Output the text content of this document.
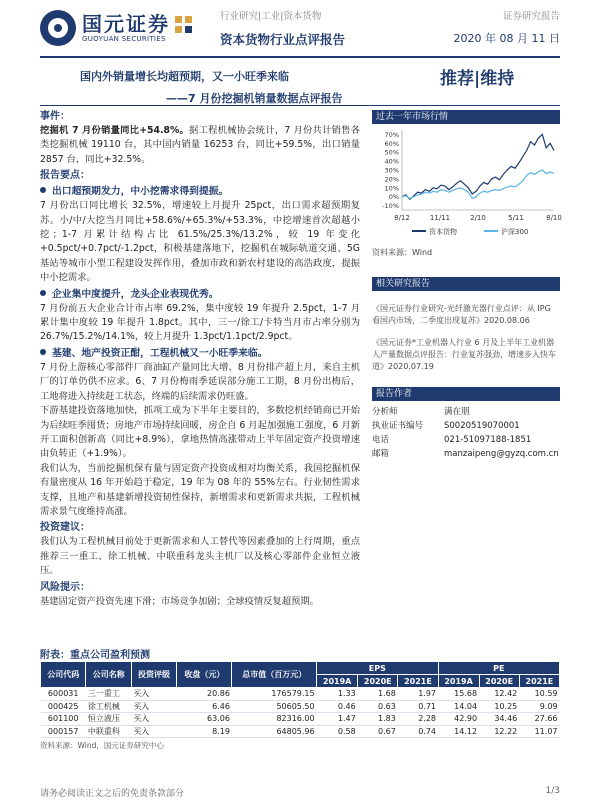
国元证券
GUOYUAN SECURITIES
行业研究|工业|资本货物
资本货物行业点评报告
证券研究报告
2020 年 08 月 11 日
国内外销量增长均超预期，又一小旺季来临
——7 月份挖掘机销量数据点评报告
推荐|维持
事件：
挖掘机 7 月份销量同比+54.8%。据工程机械协会统计，7 月份共计销售各类挖掘机械 19110 台，其中国内销量 16253 台，同比+59.5%，出口销量 2857 台，同比+32.5%。
报告要点：
出口超预期发力，中小挖需求得到提振。
7 月份出口同比增长 32.5%，增速较上月提升 25pct，出口需求超预期复苏。小/中/大挖当月同比+58.6%/+65.3%/+53.3%，中挖增速首次超越小挖；1-7 月累计结构占比 61.5%/25.3%/13.2%，较 19 年变化+0.5pct/+0.7pct/-1.2pct，积极基建落地下，挖掘机在城际轨道交通、5G 基站等城市小型工程建设发挥作用，叠加市政和新农村建设的高浩政度，提振中小挖需求。
企业集中度提升，龙头企业表现优秀。
7 月份前五大企业合计市占率 69.2%，集中度较 19 年提升 2.5pct，1-7 月累计集中度较 19 年提升 1.8pct。其中，三一/徐工/卡特当月市占率分别为 26.7%/15.2%/14.1%，较上月提升 1.3pct/1.1pct/2.9pct。
基建、地产投资正酣，工程机械又一小旺季来临。
7 月份上游核心零部件厂商油缸产量同比大增、8 月份排产超上月，来自主机厂的订单仍供不应求。6、7 月份梅雨季延误部分施工工期，8 月份出梅后，工地将进入持续赶工状态，终端的后续需求仍旺盛。
下游基建投资落地加快，抓项工成为下半年主要目的，多数挖机经销商已开始为后续旺季囤货；房地产市场持续回暖，房企自 6 月起加强施工强度，6 月新开工面积创新高（同比+8.9%），拿地热情高涨带动上半年固定资产投资增速由负转正（+1.9%）。
我们认为，当前挖掘机保有量与固定资产投资成相对均衡关系，我国挖掘机保有量密度从 16 年开始趋于稳定，19 年为 08 年的 55%左右。行业韧性需求支撑，且地产和基建新增投资韧性保持，新增需求和更新需求共振，工程机械需求景气度维持高涨。
投资建议：
我们认为工程机械目前处于更新需求和人工替代等因素叠加的上行周期，重点推荐三一重工、徐工机械、中联重科龙头主机厂以及核心零部件企业恒立液压。
风险提示：
基建固定资产投资先速下滑；市场竞争加剧；全球疫情反复超预期。
过去一年市场行情
-10%
0%
10%
20%
30%
40%
50%
60%
70%
8/12	11/11	2/10	5/11	8/10
资本货物	沪深300
资料来源：Wind
相关研究报告
《国元证券行业研究-光纤激光器行业点评：从 IPG 看国内市场，二季度出现复苏》2020.08.06
《国元证券*工业机器人行业 6 月及上半年工业机器人产量数据点评报告：行业复苏强劲，增速步入快车道》2020.07.19
报告作者
分析师	满在朋
执业证书编号	S0020519070001
电话	021-51097188-1851
邮箱	manzaipeng@gyzq.com.cn
附表：重点公司盈利预测
公司代码	公司名称	投资评级	收盘（元）	总市值（百万元）	EPS			PE		
					2019A	2020E	2021E	2019A	2020E	2021E
600031	三一重工	买入	20.86	176579.15	1.33	1.68	1.97	15.68	12.42	10.59
000425	徐工机械	买入	6.46	50605.50	0.46	0.63	0.71	14.04	10.25	9.09
601100	恒立液压	买入	63.06	82316.00	1.47	1.83	2.28	42.90	34.46	27.66
000157	中联重科	买入	8.19	64805.96	0.58	0.67	0.74	14.12	12.22	11.07
资料来源：Wind，国元证券研究中心
请务必阅读正文之后的免责条款部分	1/3
